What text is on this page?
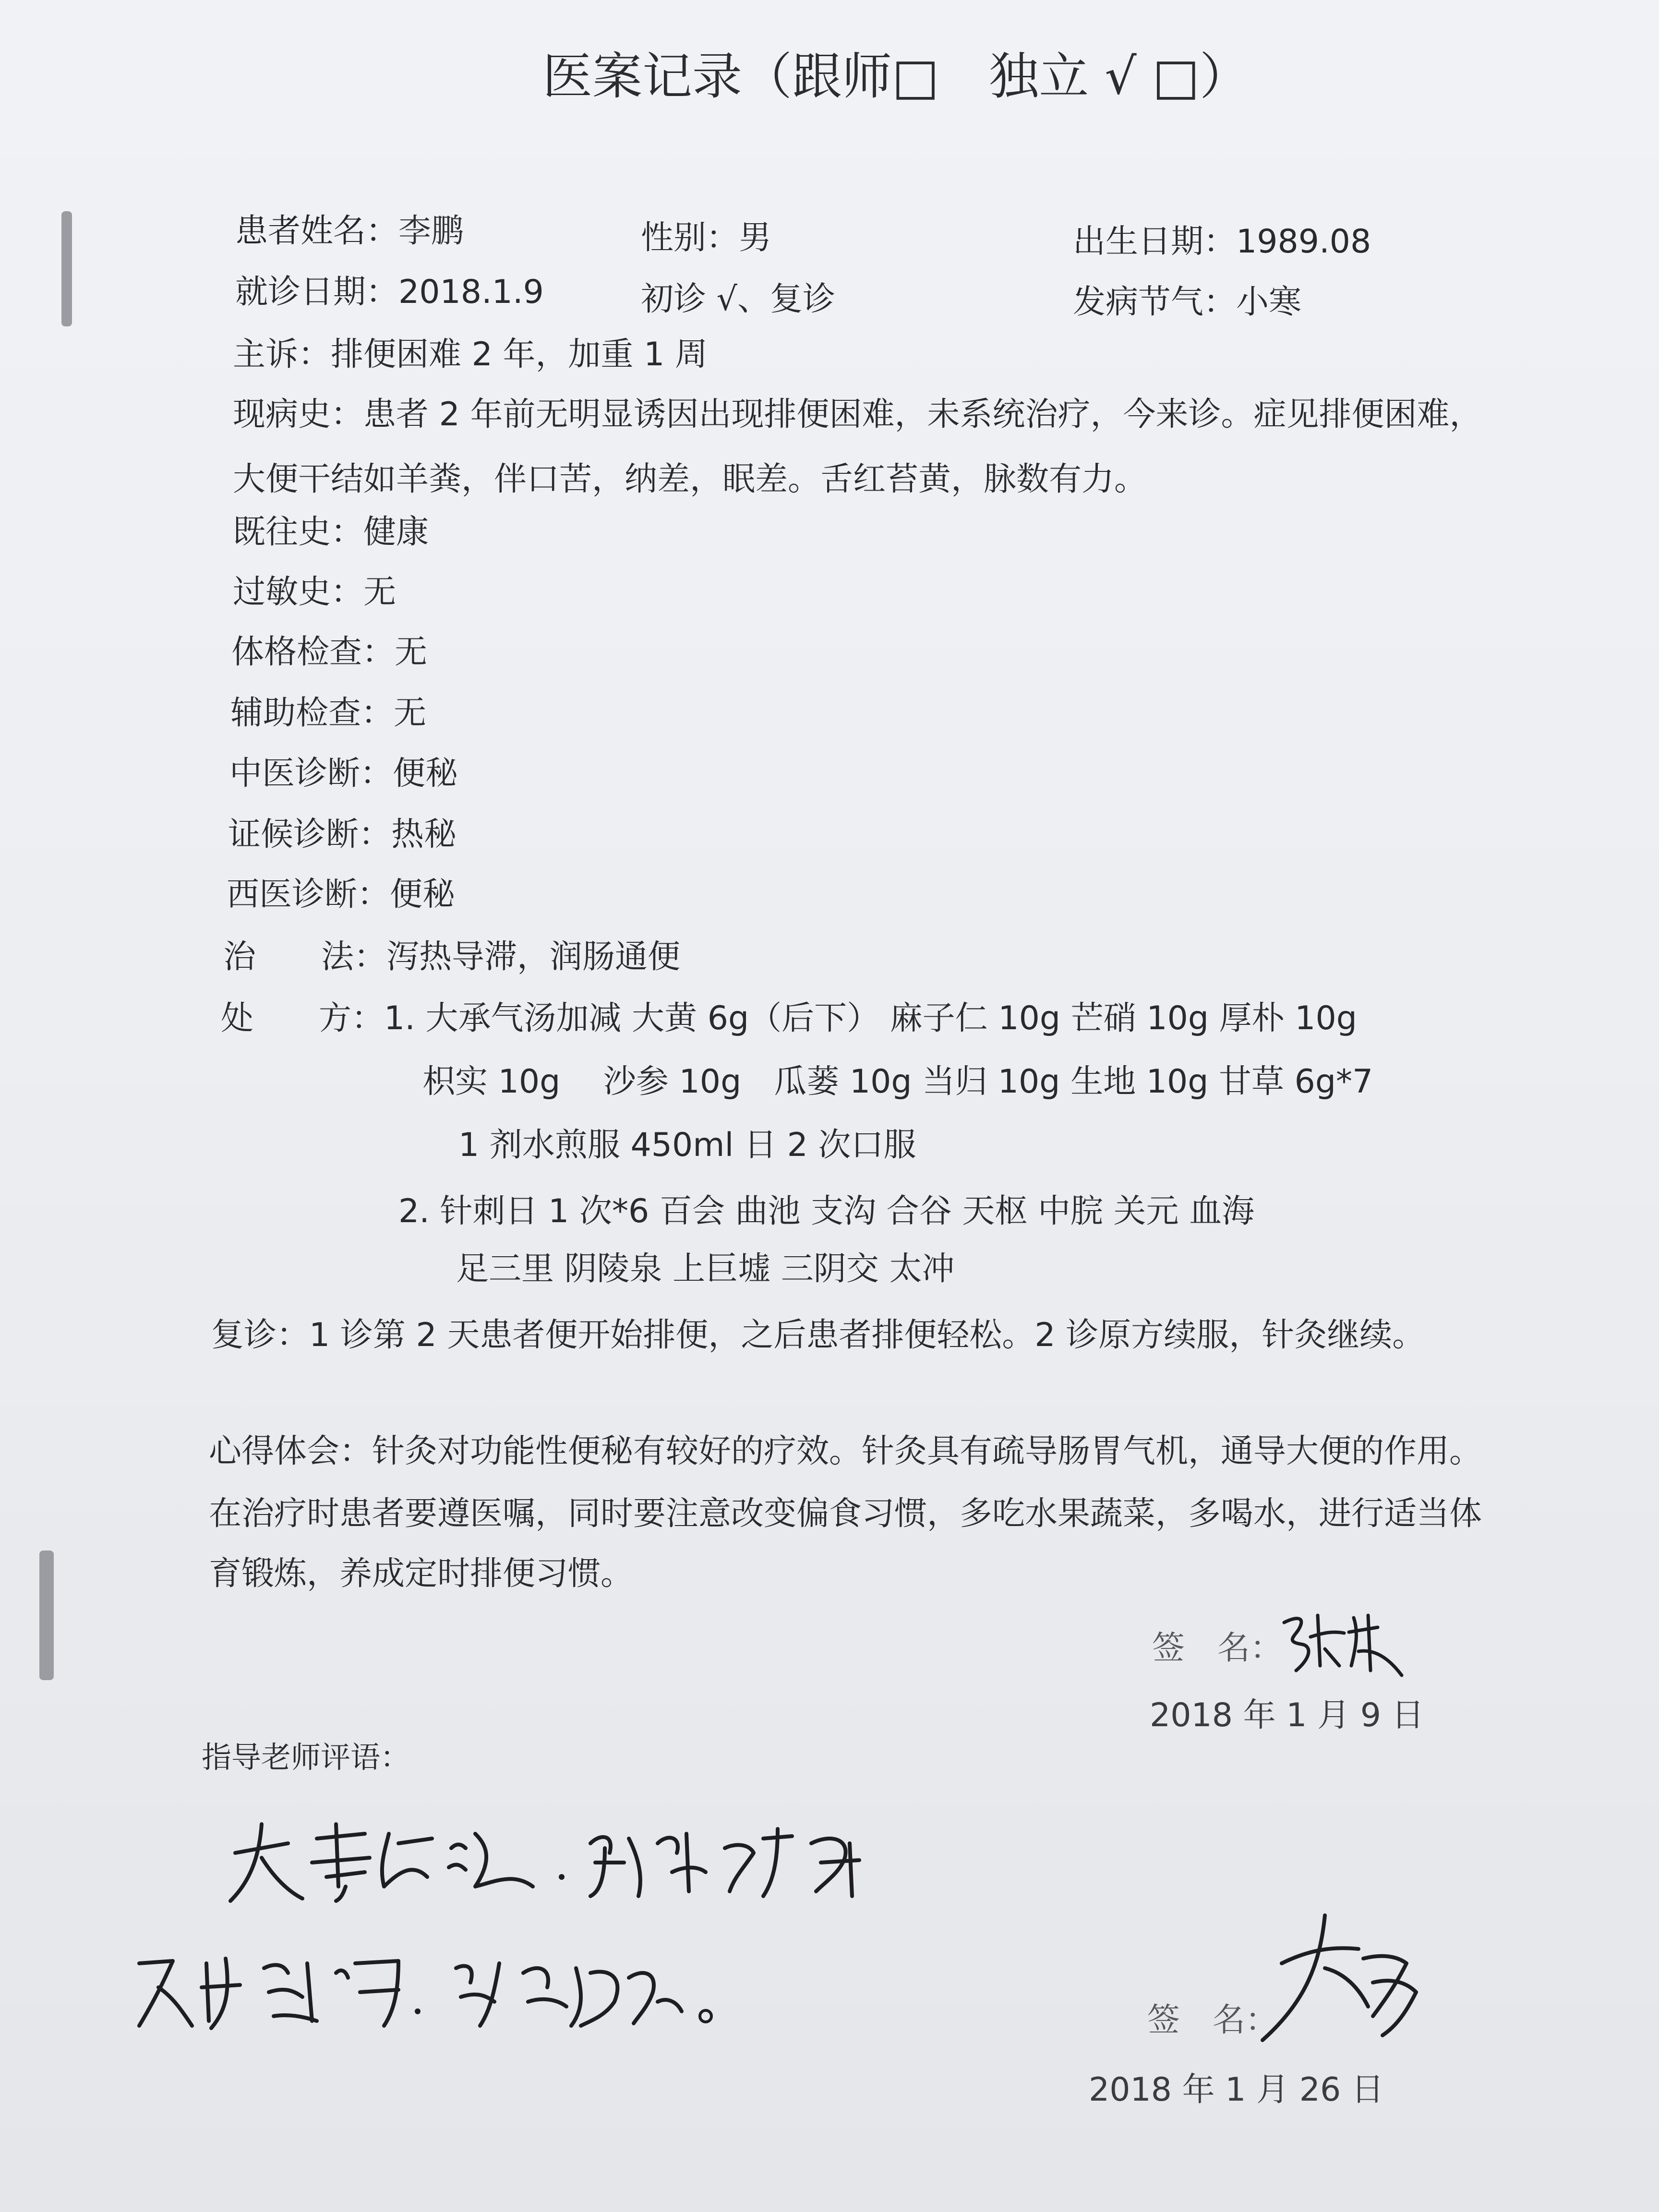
医案记录（跟师□　独立 √ □）
患者姓名：李鹏	性别：男	出生日期：1989.08
就诊日期：2018.1.9	初诊 √、复诊	发病节气：小寒
主诉：排便困难 2 年，加重 1 周
现病史：患者 2 年前无明显诱因出现排便困难，未系统治疗，今来诊。症见排便困难，
大便干结如羊粪，伴口苦，纳差，眠差。舌红苔黄，脉数有力。
既往史：健康
过敏史：无
体格检查：无
辅助检查：无
中医诊断：便秘
证候诊断：热秘
西医诊断：便秘
治　　法：泻热导滞，润肠通便
处　　方：1. 大承气汤加减 大黄 6g（后下） 麻子仁 10g 芒硝 10g 厚朴 10g
枳实 10g　 沙参 10g　瓜蒌 10g 当归 10g 生地 10g 甘草 6g*7
1 剂水煎服 450ml 日 2 次口服
2. 针刺日 1 次*6 百会 曲池 支沟 合谷 天枢 中脘 关元 血海
足三里 阴陵泉 上巨墟 三阴交 太冲
复诊：1 诊第 2 天患者便开始排便，之后患者排便轻松。2 诊原方续服，针灸继续。
心得体会：针灸对功能性便秘有较好的疗效。针灸具有疏导肠胃气机，通导大便的作用。
在治疗时患者要遵医嘱，同时要注意改变偏食习惯，多吃水果蔬菜，多喝水，进行适当体
育锻炼，养成定时排便习惯。
签　名：
2018 年 1 月 9 日
指导老师评语：
签　名：
2018 年 1 月 26 日
